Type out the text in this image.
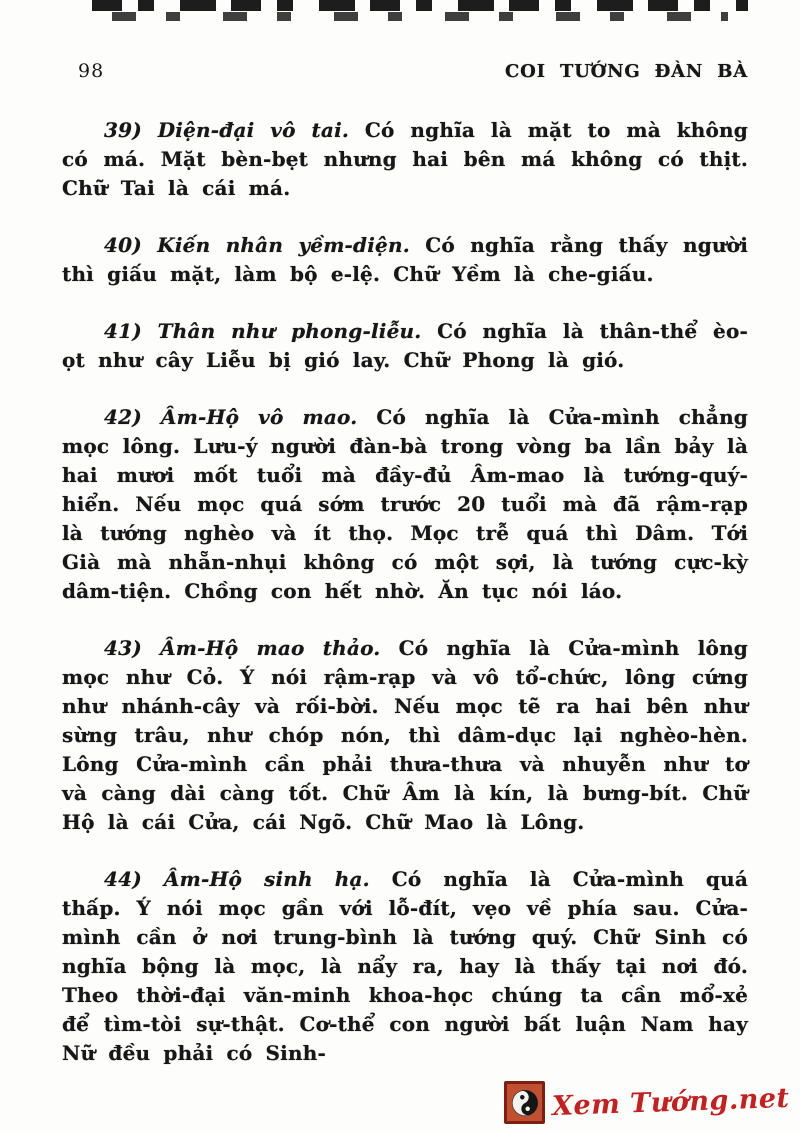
98	COI TƯỚNG ĐÀN BÀ

39) Diện-đại vô tai. Có nghĩa là mặt to mà không có má. Mặt bèn-bẹt nhưng hai bên má không có thịt. Chữ Tai là cái má.

40) Kiến nhân yềm-diện. Có nghĩa rằng thấy người thì giấu mặt, làm bộ e-lệ. Chữ Yềm là che-giấu.

41) Thân như phong-liễu. Có nghĩa là thân-thể èo-ọt như cây Liễu bị gió lay. Chữ Phong là gió.

42) Âm-Hộ vô mao. Có nghĩa là Cửa-mình chẳng mọc lông. Lưu-ý người đàn-bà trong vòng ba lần bảy là hai mươi mốt tuổi mà đầy-đủ Âm-mao là tướng-quý-hiển. Nếu mọc quá sớm trước 20 tuổi mà đã rậm-rạp là tướng nghèo và ít thọ. Mọc trễ quá thì Dâm. Tới Già mà nhẵn-nhụi không có một sợi, là tướng cực-kỳ dâm-tiện. Chồng con hết nhờ. Ăn tục nói láo.

43) Âm-Hộ mao thảo. Có nghĩa là Cửa-mình lông mọc như Cỏ. Ý nói rậm-rạp và vô tổ-chức, lông cứng như nhánh-cây và rối-bời. Nếu mọc tẽ ra hai bên như sừng trâu, như chóp nón, thì dâm-dục lại nghèo-hèn. Lông Cửa-mình cần phải thưa-thưa và nhuyễn như tơ và càng dài càng tốt. Chữ Âm là kín, là bưng-bít. Chữ Hộ là cái Cửa, cái Ngõ. Chữ Mao là Lông.

44) Âm-Hộ sinh hạ. Có nghĩa là Cửa-mình quá thấp. Ý nói mọc gần với lỗ-đít, vẹo về phía sau. Cửa-mình cần ở nơi trung-bình là tướng quý. Chữ Sinh có nghĩa bộng là mọc, là nẩy ra, hay là thấy tại nơi đó. Theo thời-đại văn-minh khoa-học chúng ta cần mổ-xẻ để tìm-tòi sự-thật. Cơ-thể con người bất luận Nam hay Nữ đều phải có Sinh-

Xem Tướng.net
